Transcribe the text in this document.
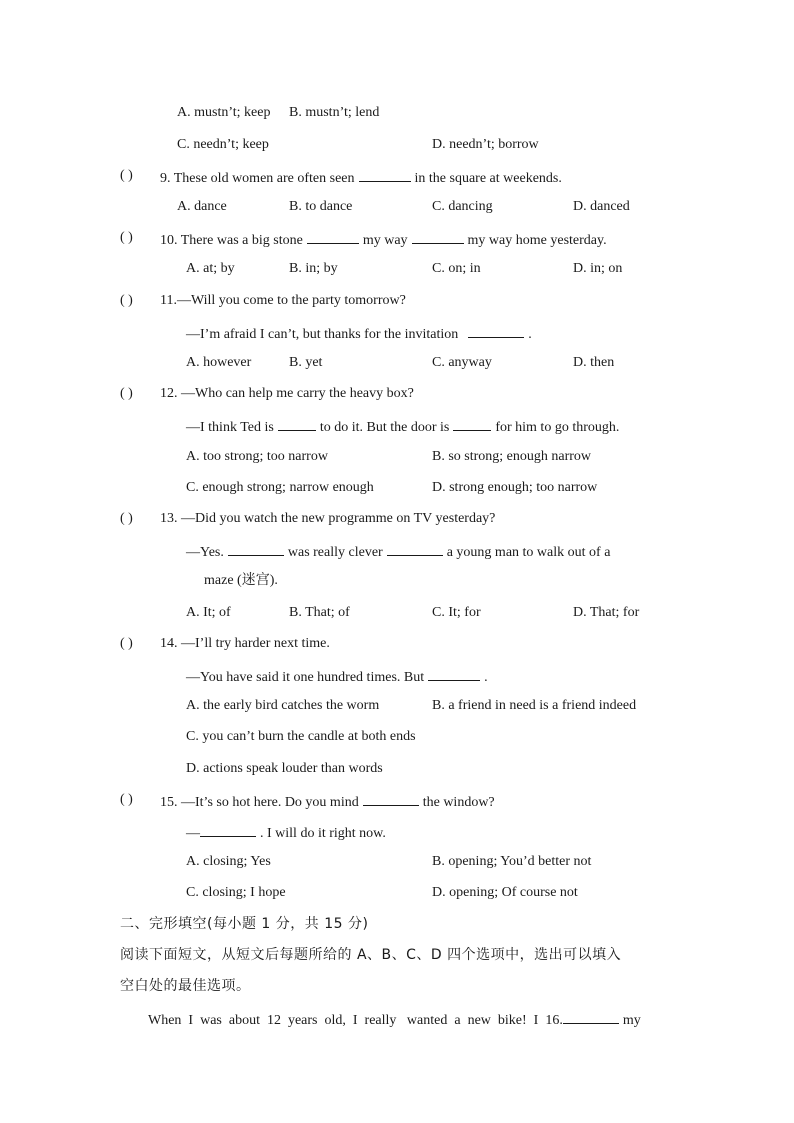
A. mustn’t; keep B. mustn’t; lend
C. needn’t; keep	D. needn’t; borrow
( ) 9. These old women are often seen	in the square at weekends.
A. dance	B. to dance	C. dancing	D. danced
( ) 10. There was a big stone	my way	my way home yesterday.
A. at; by	B. in; by	C. on; in	D. in; on
( ) 11.—Will you come to the party tomorrow?
—I’m afraid I can’t, but thanks for the invitation	.
A. however	B. yet	C. anyway	D. then
( ) 12. —Who can help me carry the heavy box?
—I think Ted is	to do it. But the door is	for him to go through.
A. too strong; too narrow	B. so strong; enough narrow
C. enough strong; narrow enough	D. strong enough; too narrow
( ) 13. —Did you watch the new programme on TV yesterday?
—Yes.	was really clever	a young man to walk out of a
maze (迷宫).
A. It; of	B. That; of	C. It; for	D. That; for
( ) 14. —I’ll try harder next time.
—You have said it one hundred times. But	.
A. the early bird catches the worm	B. a friend in need is a friend indeed
C. you can’t burn the candle at both ends
D. actions speak louder than words
( ) 15. —It’s so hot here. Do you mind	the window?
—	. I will do it right now.
A. closing; Yes	B. opening; You’d better not
C. closing; I hope	D. opening; Of course not
二、完形填空(每小题 1 分，共 15 分)
阅读下面短文，从短文后每题所给的 A、B、C、D 四个选项中，选出可以填入
空白处的最佳选项。
When  I  was  about  12  years  old,  I  really   wanted  a  new  bike!  I  16.	my
